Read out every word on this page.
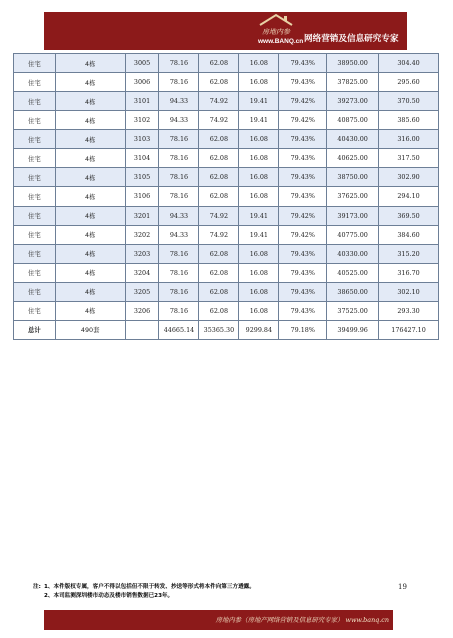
房地内参
www.BANQ.cn 网络营销及信息研究专家
住宅	4栋	3005	78.16	62.08	16.08	79.43%	38950.00	304.40
住宅	4栋	3006	78.16	62.08	16.08	79.43%	37825.00	295.60
住宅	4栋	3101	94.33	74.92	19.41	79.42%	39273.00	370.50
住宅	4栋	3102	94.33	74.92	19.41	79.42%	40875.00	385.60
住宅	4栋	3103	78.16	62.08	16.08	79.43%	40430.00	316.00
住宅	4栋	3104	78.16	62.08	16.08	79.43%	40625.00	317.50
住宅	4栋	3105	78.16	62.08	16.08	79.43%	38750.00	302.90
住宅	4栋	3106	78.16	62.08	16.08	79.43%	37625.00	294.10
住宅	4栋	3201	94.33	74.92	19.41	79.42%	39173.00	369.50
住宅	4栋	3202	94.33	74.92	19.41	79.42%	40775.00	384.60
住宅	4栋	3203	78.16	62.08	16.08	79.43%	40330.00	315.20
住宅	4栋	3204	78.16	62.08	16.08	79.43%	40525.00	316.70
住宅	4栋	3205	78.16	62.08	16.08	79.43%	38650.00	302.10
住宅	4栋	3206	78.16	62.08	16.08	79.43%	37525.00	293.30
总计	490套		44665.14	35365.30	9299.84	79.18%	39499.96	176427.10
注: 1、本件版权专属，客户不得以包括但不限于转发、抄送等形式将本件向第三方透露。
2、本司监测深圳楼市动态及楼市销售数据已23年。
19
房地内参（房地产网络营销及信息研究专家） www.banq.cn
